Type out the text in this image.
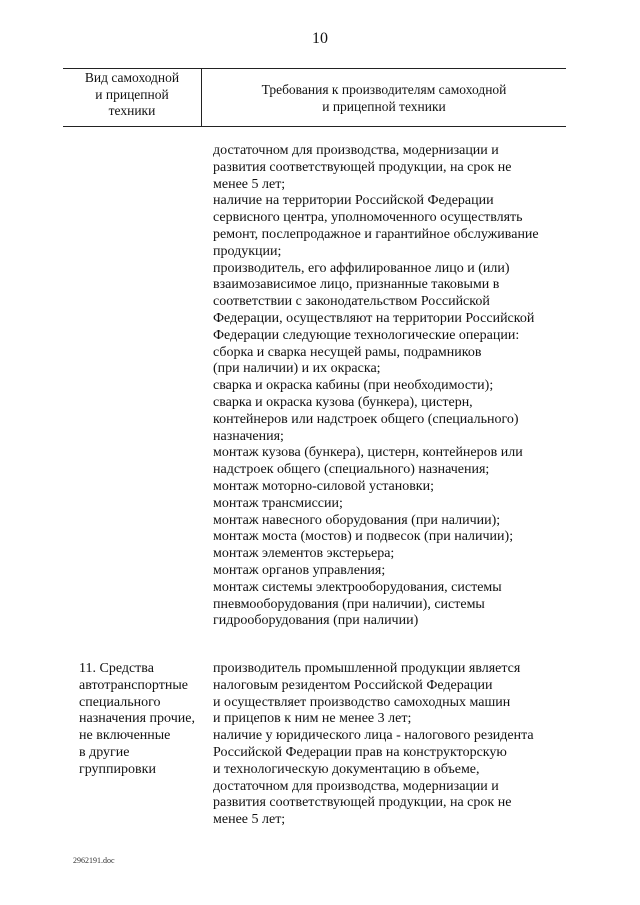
10
Вид самоходной
и прицепной
техники
Требования к производителям самоходной
и прицепной техники

достаточном для производства, модернизации и
развития соответствующей продукции, на срок не
менее 5 лет;
наличие на территории Российской Федерации
сервисного центра, уполномоченного осуществлять
ремонт, послепродажное и гарантийное обслуживание
продукции;
производитель, его аффилированное лицо и (или)
взаимозависимое лицо, признанные таковыми в
соответствии с законодательством Российской
Федерации, осуществляют на территории Российской
Федерации следующие технологические операции:
сборка и сварка несущей рамы, подрамников
(при наличии) и их окраска;
сварка и окраска кабины (при необходимости);
сварка и окраска кузова (бункера), цистерн,
контейнеров или надстроек общего (специального)
назначения;
монтаж кузова (бункера), цистерн, контейнеров или
надстроек общего (специального) назначения;
монтаж моторно-силовой установки;
монтаж трансмиссии;
монтаж навесного оборудования (при наличии);
монтаж моста (мостов) и подвесок (при наличии);
монтаж элементов экстерьера;
монтаж органов управления;
монтаж системы электрооборудования, системы
пневмооборудования (при наличии), системы
гидрооборудования (при наличии)

11. Средства
автотранспортные
специального
назначения прочие,
не включенные
в другие
группировки

производитель промышленной продукции является
налоговым резидентом Российской Федерации
и осуществляет производство самоходных машин
и прицепов к ним не менее 3 лет;
наличие у юридического лица - налогового резидента
Российской Федерации прав на конструкторскую
и технологическую документацию в объеме,
достаточном для производства, модернизации и
развития соответствующей продукции, на срок не
менее 5 лет;

2962191.doc
